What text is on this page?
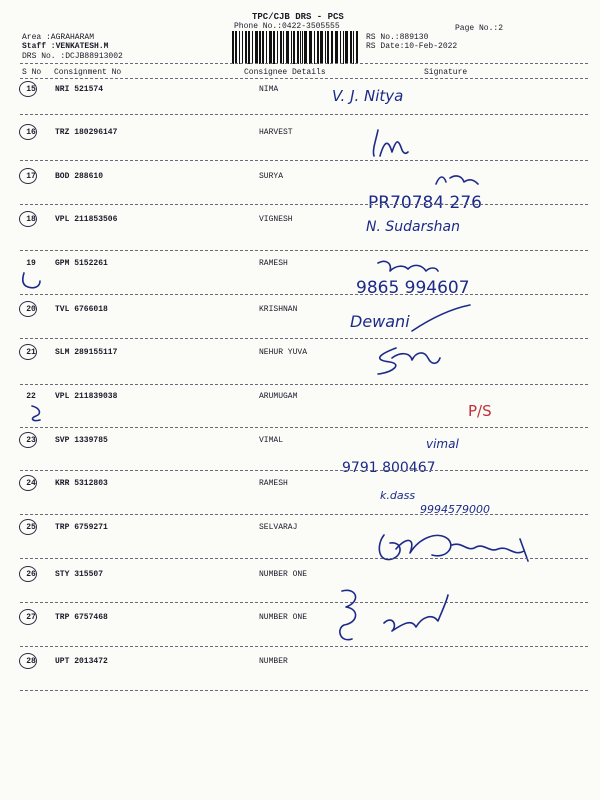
TPC/CJB DRS - PCS
Phone No.:0422-3505555
Area :AGRAHARAM
Staff :VENKATESH.M
DRS No. :DCJB88913002
RS No.:889130
RS Date:10-Feb-2022
Page No.:2
S No Consignment No	Consignee Details	Signature
15	NRI 521574	NIMA	V. J. Nitya
16	TRZ 180296147	HARVEST
17	BOD 288610	SURYA
PR70784 276
18	VPL 211853506	VIGNESH	N. Sudarshan
19	GPM 5152261	RAMESH
9865 994607
20	TVL 6766018	KRISHNAN
Dewani
21	SLM 289155117	NEHUR YUVA
22	VPL 211839038	ARUMUGAM
P/S
23	SVP 1339785	VIMAL	vimal
9791 800467
24	KRR 5312803	RAMESH
k.dass
9994579000
25	TRP 6759271	SELVARAJ
26	STY 315507	NUMBER ONE
27	TRP 6757468	NUMBER ONE
28	UPT 2013472	NUMBER
